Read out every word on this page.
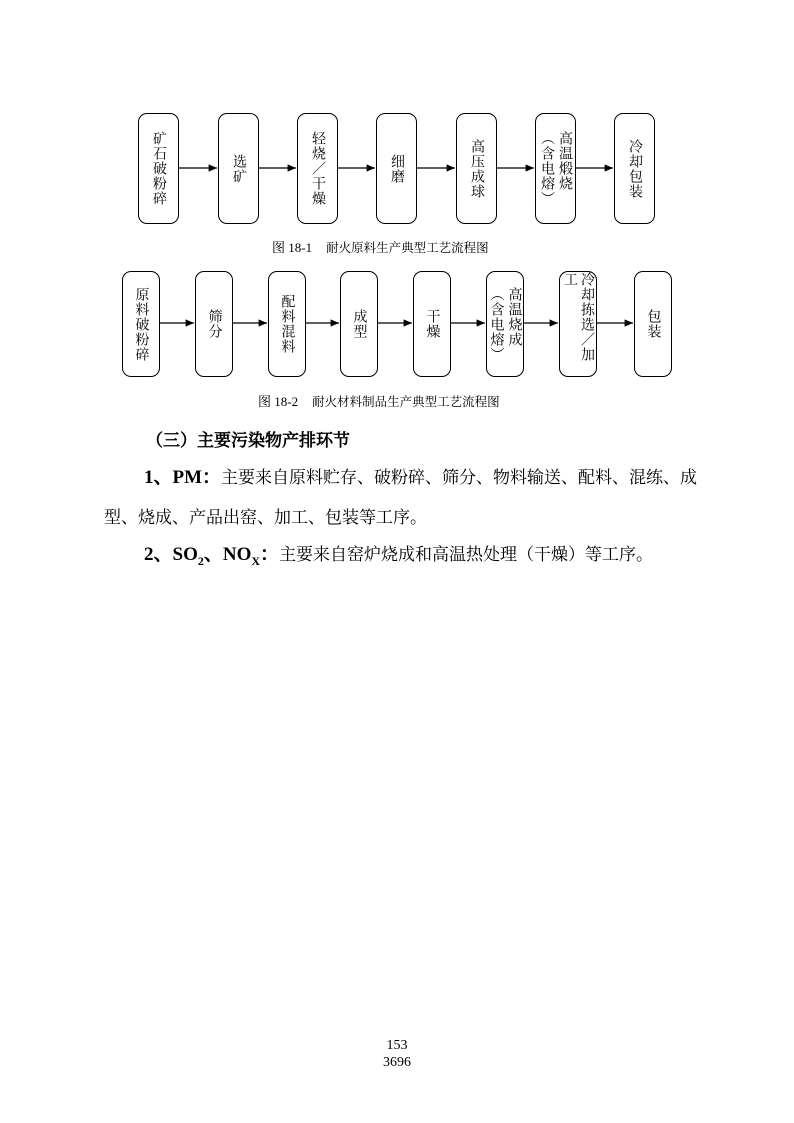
矿石破粉碎	选矿	轻烧／干燥	细磨	高压成球	高温煅烧
（含电熔）	冷却包装
图 18-1 耐火原料生产典型工艺流程图
原料破粉碎	筛分	配料混料	成型	干燥	高温烧成
（含电熔）	冷却拣选／加工
包装
图 18-2 耐火材料制品生产典型工艺流程图
（三）主要污染物产排环节
1、PM：主要来自原料贮存、破粉碎、筛分、物料输送、配料、混练、成型、烧成、产品出窑、加工、包装等工序。
2、$SO_2$、$NO_X$：主要来自窑炉烧成和高温热处理（干燥）等工序。
153
3696
